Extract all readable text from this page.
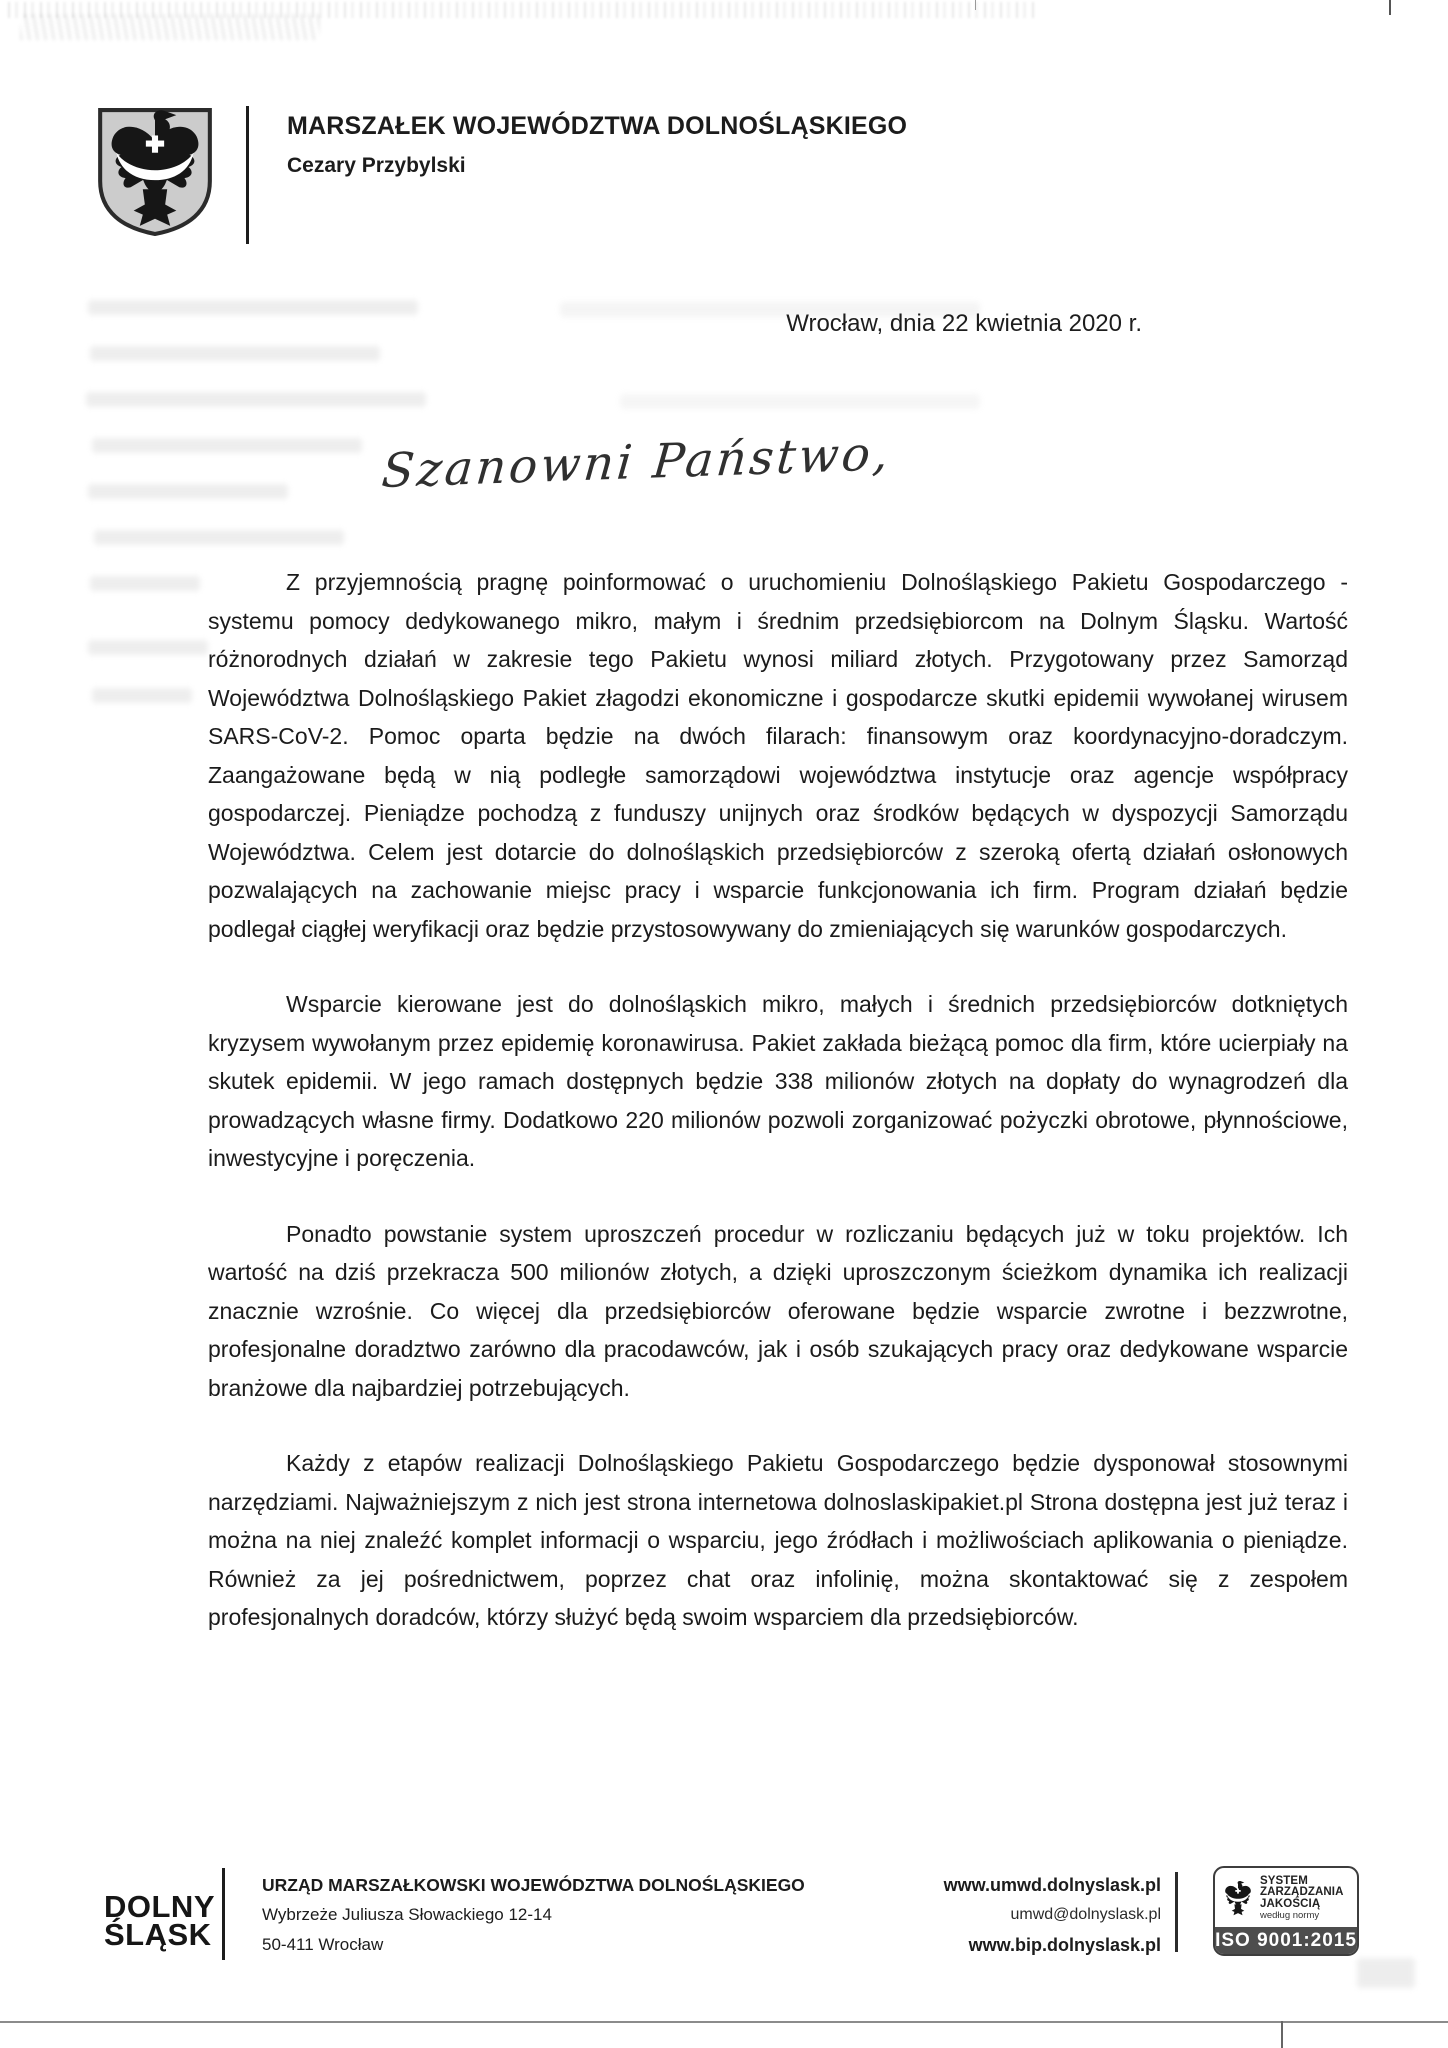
MARSZAŁEK WOJEWÓDZTWA DOLNOŚLĄSKIEGO
Cezary Przybylski
Wrocław, dnia 22 kwietnia 2020 r.
Szanowni Państwo,

Z przyjemnością pragnę poinformować o uruchomieniu Dolnośląskiego Pakietu Gospodarczego - systemu pomocy dedykowanego mikro, małym i średnim przedsiębiorcom na Dolnym Śląsku. Wartość różnorodnych działań w zakresie tego Pakietu wynosi miliard złotych. Przygotowany przez Samorząd Województwa Dolnośląskiego Pakiet złagodzi ekonomiczne i gospodarcze skutki epidemii wywołanej wirusem SARS-CoV-2. Pomoc oparta będzie na dwóch filarach: finansowym oraz koordynacyjno-doradczym. Zaangażowane będą w nią podległe samorządowi województwa instytucje oraz agencje współpracy gospodarczej. Pieniądze pochodzą z funduszy unijnych oraz środków będących w dyspozycji Samorządu Województwa. Celem jest dotarcie do dolnośląskich przedsiębiorców z szeroką ofertą działań osłonowych pozwalających na zachowanie miejsc pracy i wsparcie funkcjonowania ich firm. Program działań będzie podlegał ciągłej weryfikacji oraz będzie przystosowywany do zmieniających się warunków gospodarczych.

Wsparcie kierowane jest do dolnośląskich mikro, małych i średnich przedsiębiorców dotkniętych kryzysem wywołanym przez epidemię koronawirusa. Pakiet zakłada bieżącą pomoc dla firm, które ucierpiały na skutek epidemii. W jego ramach dostępnych będzie 338 milionów złotych na dopłaty do wynagrodzeń dla prowadzących własne firmy. Dodatkowo 220 milionów pozwoli zorganizować pożyczki obrotowe, płynnościowe, inwestycyjne i poręczenia.

Ponadto powstanie system uproszczeń procedur w rozliczaniu będących już w toku projektów. Ich wartość na dziś przekracza 500 milionów złotych, a dzięki uproszczonym ścieżkom dynamika ich realizacji znacznie wzrośnie. Co więcej dla przedsiębiorców oferowane będzie wsparcie zwrotne i bezzwrotne, profesjonalne doradztwo zarówno dla pracodawców, jak i osób szukających pracy oraz dedykowane wsparcie branżowe dla najbardziej potrzebujących.

Każdy z etapów realizacji Dolnośląskiego Pakietu Gospodarczego będzie dysponował stosownymi narzędziami. Najważniejszym z nich jest strona internetowa dolnoslaskipakiet.pl Strona dostępna jest już teraz i można na niej znaleźć komplet informacji o wsparciu, jego źródłach i możliwościach aplikowania o pieniądze. Również za jej pośrednictwem, poprzez chat oraz infolinię, można skontaktować się z zespołem profesjonalnych doradców, którzy służyć będą swoim wsparciem dla przedsiębiorców.

DOLNY
ŚLĄSK
URZĄD MARSZAŁKOWSKI WOJEWÓDZTWA DOLNOŚLĄSKIEGO
Wybrzeże Juliusza Słowackiego 12-14
50-411 Wrocław
www.umwd.dolnyslask.pl
umwd@dolnyslask.pl
www.bip.dolnyslask.pl
SYSTEM
ZARZĄDZANIA
JAKOŚCIĄ
według normy
ISO 9001:2015
